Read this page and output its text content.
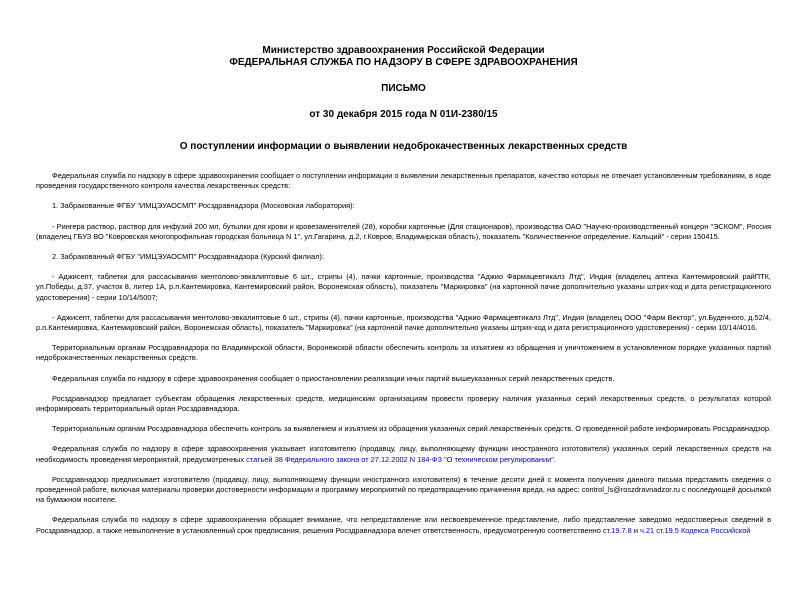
Министерство здравоохранения Российской Федерации
ФЕДЕРАЛЬНАЯ СЛУЖБА ПО НАДЗОРУ В СФЕРЕ ЗДРАВООХРАНЕНИЯ
ПИСЬМО
от 30 декабря 2015 года N 01И-2380/15
О поступлении информации о выявлении недоброкачественных лекарственных средств

Федеральная служба по надзору в сфере здравоохранения сообщает о поступлении информации о выявлении лекарственных препаратов, качество которых не отвечает установленным требованиям, в ходе проведения государственного контроля качества лекарственных средств:

1. Забракованные ФГБУ "ИМЦЭУАОСМП" Росздравнадзора (Московская лаборатория):

- Рингера раствор, раствор для инфузий 200 мл, бутылки для крови и кровезаменителей (28), коробки картонные (Для стационаров), производства ОАО "Научно-производственный концерн "ЭСКОМ", Россия (владелец ГБУЗ ВО "Ковровская многопрофильная городская больница N 1", ул.Гагарина, д.2, г.Ковров, Владимирская область), показатель "Количественное определение. Кальций" - серии 150415.

2. Забракованный ФГБУ "ИМЦЭУАОСМП" Росздравнадзора (Курский филиал):

- Аджисепт, таблетки для рассасывания ментолово-эвкалиптовые 6 шт., стрипы (4), пачки картонные, производства "Аджио Фармацевтикалз Лтд", Индия (владелец аптека Кантемировский райПТК, ул.Победы, д.37, участок 8, литер 1А, р.п.Кантемировка, Кантемировский район, Воронежская область), показатель "Маркировка" (на картонной пачке дополнительно указаны штрих-код и дата регистрационного удостоверения) - серии 10/14/5007;

- Аджисепт, таблетки для рассасывания ментолово-эвкалиптовые 6 шт., стрипы (4), пачки картонные, производства "Аджио Фармацевтикалз Лтд", Индия (владелец ООО "Фарм Вектор", ул.Буденного, д.52/4, р.п.Кантемировка, Кантемировский район, Воронежская область), показатель "Маркировка" (на картонной пачке дополнительно указаны штрих-код и дата регистрационного удостоверения) - серии 10/14/4016.

Территориальным органам Росздравнадзора по Владимирской области, Воронежской области обеспечить контроль за изъятием из обращения и уничтожением в установленном порядке указанных партий недоброкачественных лекарственных средств.

Федеральная служба по надзору в сфере здравоохранения сообщает о приостановлении реализации иных партий вышеуказанных серий лекарственных средств.

Росздравнадзор предлагает субъектам обращения лекарственных средств, медицинским организациям провести проверку наличия указанных серий лекарственных средств, о результатах которой информировать территориальный орган Росздравнадзора.

Территориальным органам Росздравнадзора обеспечить контроль за выявлением и изъятием из обращения указанных серий лекарственных средств. О проведенной работе информировать Росздравнадзор.

Федеральная служба по надзору в сфере здравоохранения указывает изготовителю (продавцу, лицу, выполняющему функции иностранного изготовителя) указанных серий лекарственных средств на необходимость проведения мероприятий, предусмотренных статьей 38 Федерального закона от 27.12.2002 N 184-ФЗ "О техническом регулировании".

Росздравнадзор предписывает изготовителю (продавцу, лицу, выполняющему функции иностранного изготовителя) в течение десяти дней с момента получения данного письма представить сведения о проведенной работе, включая материалы проверки достоверности информации и программу мероприятий по предотвращению причинения вреда, на адрес: control_ls@roszdravnadzor.ru с последующей досылкой на бумажном носителе.

Федеральная служба по надзору в сфере здравоохранения обращает внимание, что непредставление или несвоевременное представление, либо представление заведомо недостоверных сведений в Росздравнадзор, а также невыполнение в установленный срок предписания, решения Росздравнадзора влечет ответственность, предусмотренную соответственно ст.19.7.8 и ч.21 ст.19.5 Кодекса Российской
